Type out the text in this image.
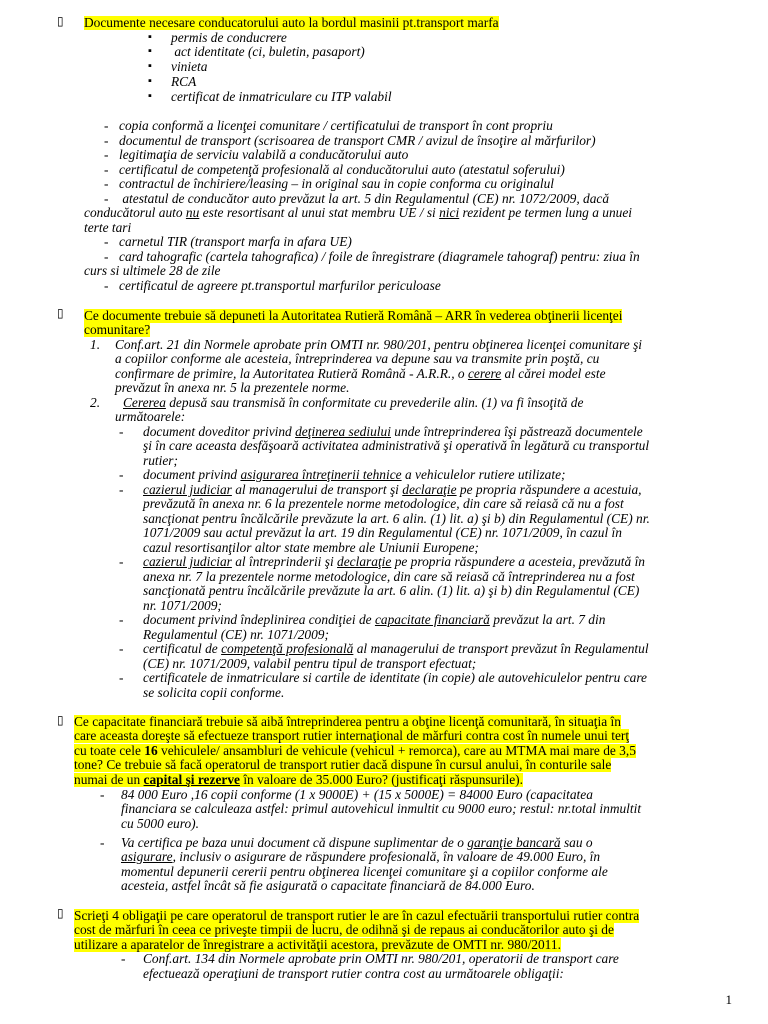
▯ Documente necesare conducatorului auto la bordul masinii pt.transport marfa
▪ permis de conducrere
▪ act identitate (ci, buletin, pasaport)
▪ vinieta
▪ RCA
▪ certificat de inmatriculare cu ITP valabil
- copia conformă a licenţei comunitare / certificatului de transport în cont propriu
- documentul de transport (scrisoarea de transport CMR / avizul de însoţire al mărfurilor)
- legitimaţia de serviciu valabilă a conducătorului auto
- certificatul de competenţă profesională al conducătorului auto (atestatul soferului)
- contractul de închiriere/leasing – in original sau in copie conforma cu originalul
- atestatul de conducător auto prevăzut la art. 5 din Regulamentul (CE) nr. 1072/2009, dacă
conducătorul auto nu este resortisant al unui stat membru UE / si nici rezident pe termen lung a unuei
terte tari
- carnetul TIR (transport marfa in afara UE)
- card tahografic (cartela tahografica) / foile de înregistrare (diagramele tahograf) pentru: ziua în
curs si ultimele 28 de zile
- certificatul de agreere pt.transportul marfurilor periculoase
▯ Ce documente trebuie să depuneti la Autoritatea Rutieră Română – ARR în vederea obţinerii licenţei
comunitare?
1. Conf.art. 21 din Normele aprobate prin OMTI nr. 980/201, pentru obţinerea licenţei comunitare şi
a copiilor conforme ale acesteia, întreprinderea va depune sau va transmite prin poştă, cu
confirmare de primire, la Autoritatea Rutieră Română - A.R.R., o cerere al cărei model este
prevăzut în anexa nr. 5 la prezentele norme.
2. Cererea depusă sau transmisă în conformitate cu prevederile alin. (1) va fi însoţită de
următoarele:
- document doveditor privind deţinerea sediului unde întreprinderea îşi păstrează documentele
şi în care aceasta desfăşoară activitatea administrativă şi operativă în legătură cu transportul
rutier;
- document privind asigurarea întreţinerii tehnice a vehiculelor rutiere utilizate;
- cazierul judiciar al managerului de transport şi declaraţie pe propria răspundere a acestuia,
prevăzută în anexa nr. 6 la prezentele norme metodologice, din care să reiasă că nu a fost
sancţionat pentru încălcările prevăzute la art. 6 alin. (1) lit. a) şi b) din Regulamentul (CE) nr.
1071/2009 sau actul prevăzut la art. 19 din Regulamentul (CE) nr. 1071/2009, în cazul în
cazul resortisanţilor altor state membre ale Uniunii Europene;
- cazierul judiciar al întreprinderii şi declaraţie pe propria răspundere a acesteia, prevăzută în
anexa nr. 7 la prezentele norme metodologice, din care să reiasă că întreprinderea nu a fost
sancţionată pentru încălcările prevăzute la art. 6 alin. (1) lit. a) şi b) din Regulamentul (CE)
nr. 1071/2009;
- document privind îndeplinirea condiţiei de capacitate financiară prevăzut la art. 7 din
Regulamentul (CE) nr. 1071/2009;
- certificatul de competenţă profesională al managerului de transport prevăzut în Regulamentul
(CE) nr. 1071/2009, valabil pentru tipul de transport efectuat;
- certificatele de inmatriculare si cartile de identitate (in copie) ale autovehiculelor pentru care
se solicita copii conforme.
▯ Ce capacitate financiară trebuie să aibă întreprinderea pentru a obţine licenţă comunitară, în situaţia în
care aceasta doreşte să efectueze transport rutier internaţional de mărfuri contra cost în numele unui terţ
cu toate cele 16 vehiculele/ ansambluri de vehicule (vehicul + remorca), care au MTMA mai mare de 3,5
tone? Ce trebuie să facă operatorul de transport rutier dacă dispune în cursul anului, în conturile sale
numai de un capital şi rezerve în valoare de 35.000 Euro? (justificaţi răspunsurile).
- 84 000 Euro ,16 copii conforme (1 x 9000E) + (15 x 5000E) = 84000 Euro (capacitatea
financiara se calculeaza astfel: primul autovehicul inmultit cu 9000 euro; restul: nr.total inmultit
cu 5000 euro).
- Va certifica pe baza unui document că dispune suplimentar de o garanţie bancară sau o
asigurare, inclusiv o asigurare de răspundere profesională, în valoare de 49.000 Euro, în
momentul depunerii cererii pentru obţinerea licenţei comunitare şi a copiilor conforme ale
acesteia, astfel încât să fie asigurată o capacitate financiară de 84.000 Euro.
▯ Scrieţi 4 obligaţii pe care operatorul de transport rutier le are în cazul efectuării transportului rutier contra
cost de mărfuri în ceea ce priveşte timpii de lucru, de odihnă şi de repaus ai conducătorilor auto şi de
utilizare a aparatelor de înregistrare a activităţii acestora, prevăzute de OMTI nr. 980/2011.
- Conf.art. 134 din Normele aprobate prin OMTI nr. 980/201, operatorii de transport care
efectuează operaţiuni de transport rutier contra cost au următoarele obligaţii:
1
